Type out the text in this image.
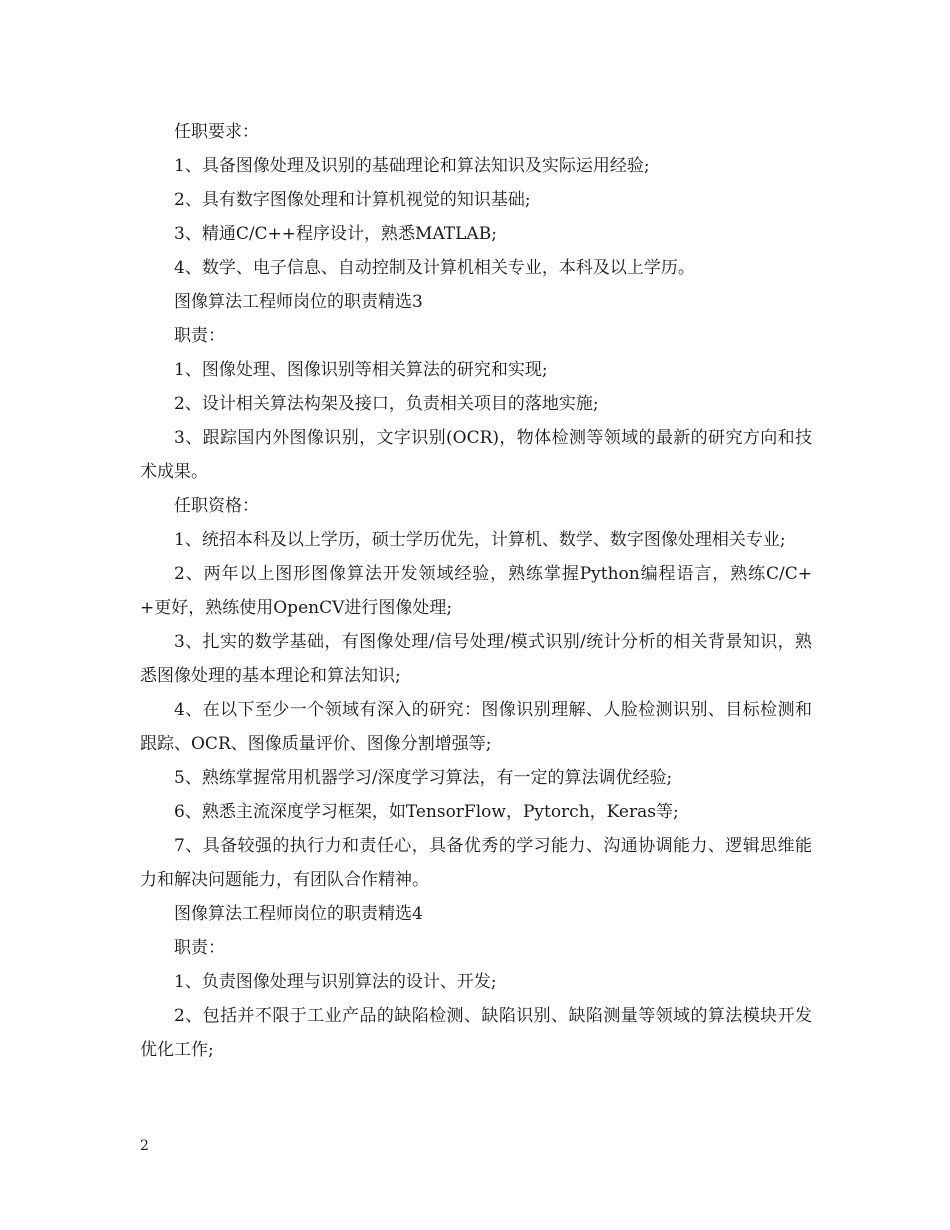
任职要求：

1、具备图像处理及识别的基础理论和算法知识及实际运用经验;

2、具有数字图像处理和计算机视觉的知识基础;

3、精通C/C++程序设计，熟悉MATLAB;

4、数学、电子信息、自动控制及计算机相关专业，本科及以上学历。

图像算法工程师岗位的职责精选3

职责：

1、图像处理、图像识别等相关算法的研究和实现;

2、设计相关算法构架及接口，负责相关项目的落地实施;

3、跟踪国内外图像识别，文字识别(OCR)，物体检测等领域的最新的研究方向和技术成果。

任职资格：

1、统招本科及以上学历，硕士学历优先，计算机、数学、数字图像处理相关专业;

2、两年以上图形图像算法开发领域经验，熟练掌握Python编程语言，熟练C/C++更好，熟练使用OpenCV进行图像处理;

3、扎实的数学基础，有图像处理/信号处理/模式识别/统计分析的相关背景知识，熟悉图像处理的基本理论和算法知识;

4、在以下至少一个领域有深入的研究：图像识别理解、人脸检测识别、目标检测和跟踪、OCR、图像质量评价、图像分割增强等;

5、熟练掌握常用机器学习/深度学习算法，有一定的算法调优经验;

6、熟悉主流深度学习框架，如TensorFlow，Pytorch，Keras等;

7、具备较强的执行力和责任心，具备优秀的学习能力、沟通协调能力、逻辑思维能力和解决问题能力，有团队合作精神。

图像算法工程师岗位的职责精选4

职责：

1、负责图像处理与识别算法的设计、开发;

2、包括并不限于工业产品的缺陷检测、缺陷识别、缺陷测量等领域的算法模块开发优化工作;

2
